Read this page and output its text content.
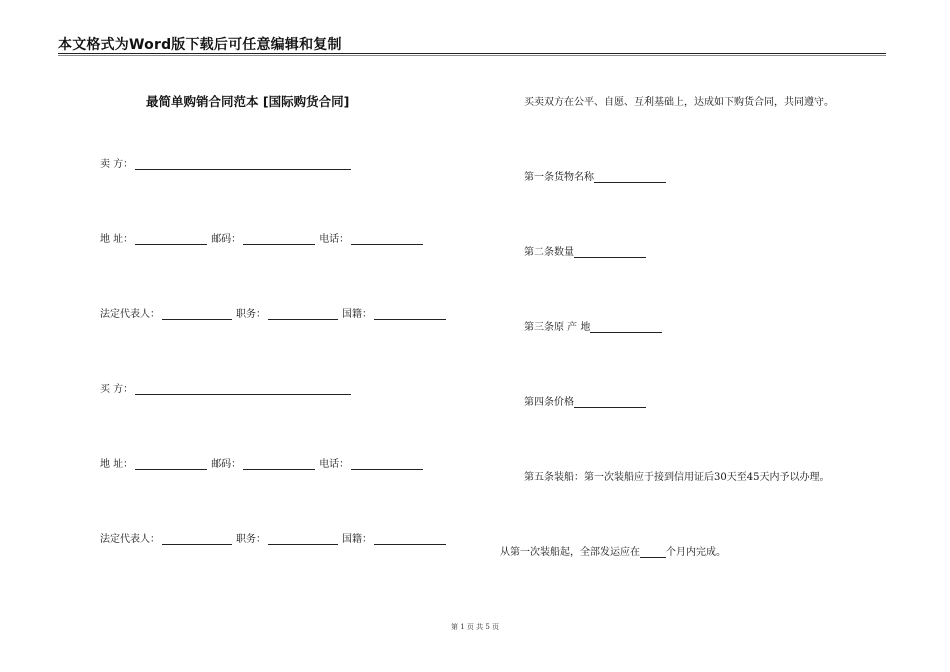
本文格式为Word版下载后可任意编辑和复制
最简单购销合同范本 [国际购货合同]
卖 方：
地 址：	邮码：	电话：
法定代表人：	职务：	国籍：
买 方：
地 址：	邮码：	电话：
法定代表人：	职务：	国籍：
买卖双方在公平、自愿、互利基础上，达成如下购货合同，共同遵守。
第一条货物名称
第二条数量
第三条原 产 地
第四条价格
第五条装船：第一次装船应于接到信用证后30天至45天内予以办理。
从第一次装船起，全部发运应在	个月内完成。
第 1 页 共 5 页
